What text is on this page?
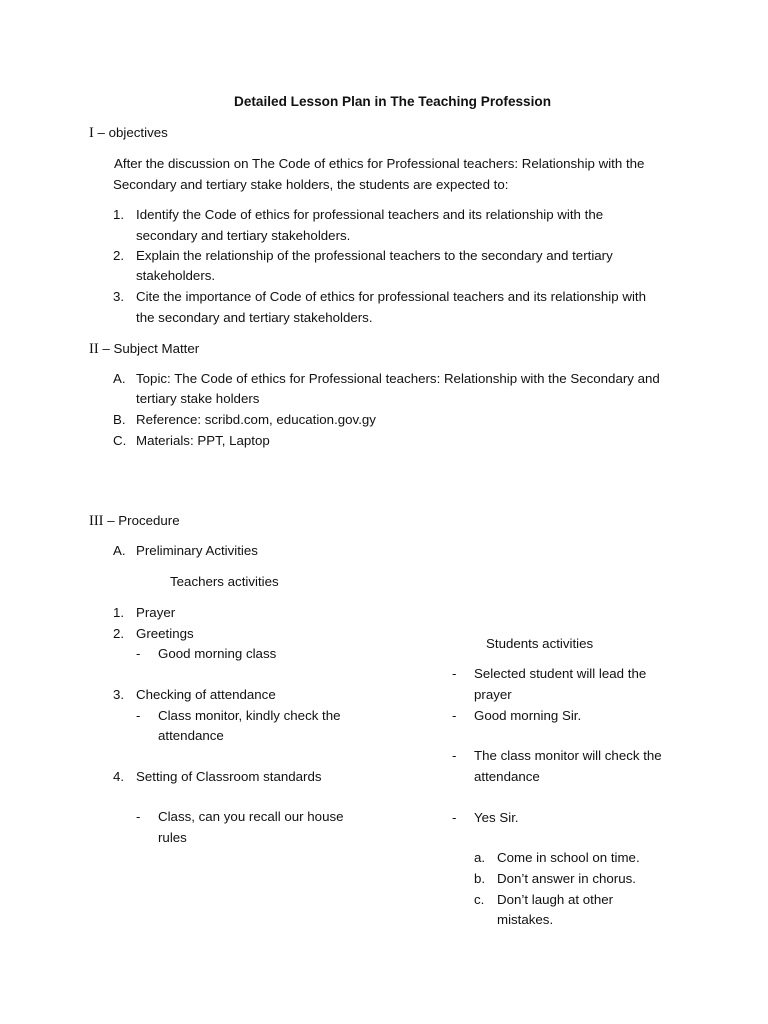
Detailed Lesson Plan in The Teaching Profession
I – objectives
After the discussion on The Code of ethics for Professional teachers: Relationship with the
Secondary and tertiary stake holders, the students are expected to:
1. Identify the Code of ethics for professional teachers and its relationship with the
secondary and tertiary stakeholders.
2. Explain the relationship of the professional teachers to the secondary and tertiary
stakeholders.
3. Cite the importance of Code of ethics for professional teachers and its relationship with
the secondary and tertiary stakeholders.
II – Subject Matter
A. Topic: The Code of ethics for Professional teachers: Relationship with the Secondary and
tertiary stake holders
B. Reference: scribd.com, education.gov.gy
C. Materials: PPT, Laptop
III – Procedure
A. Preliminary Activities
Teachers activities
1. Prayer
2. Greetings
- Good morning class
3. Checking of attendance
- Class monitor, kindly check the
attendance
4. Setting of Classroom standards
- Class, can you recall our house
rules
Students activities
- Selected student will lead the
prayer
- Good morning Sir.
- The class monitor will check the
attendance
- Yes Sir.
a. Come in school on time.
b. Don’t answer in chorus.
c. Don’t laugh at other
mistakes.
